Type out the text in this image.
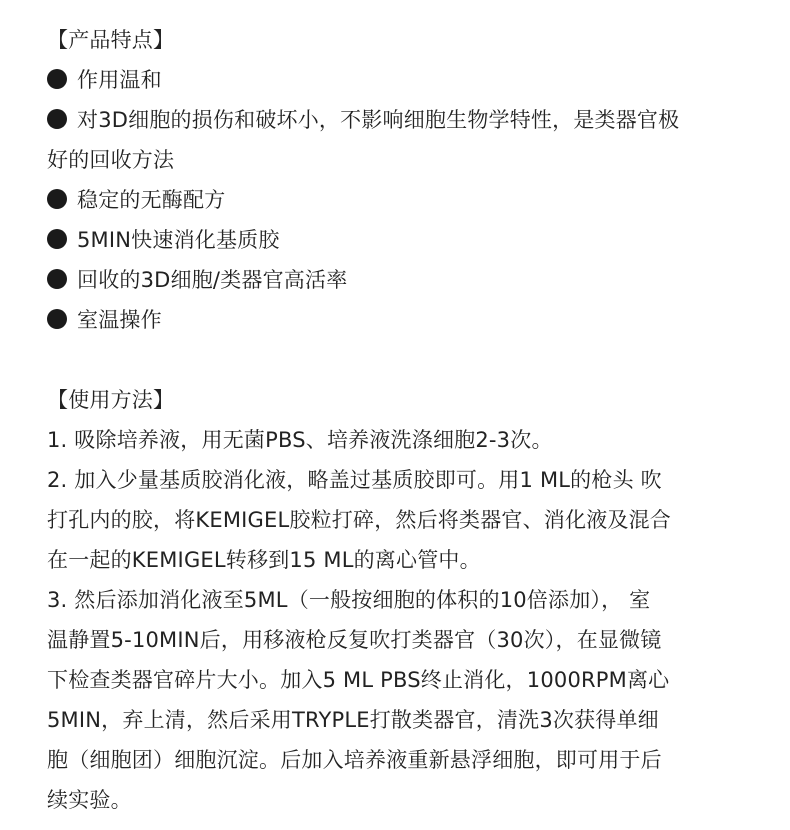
【产品特点】
作用温和
对3D细胞的损伤和破坏小，不影响细胞生物学特性，是类器官极
好的回收方法
稳定的无酶配方
5MIN快速消化基质胶
回收的3D细胞/类器官高活率
室温操作
【使用方法】
1. 吸除培养液，用无菌PBS、培养液洗涤细胞2-3次。
2. 加入少量基质胶消化液，略盖过基质胶即可。用1 ML的枪头 吹
打孔内的胶，将KEMIGEL胶粒打碎，然后将类器官、消化液及混合
在一起的KEMIGEL转移到15 ML的离心管中。
3. 然后添加消化液至5ML（一般按细胞的体积的10倍添加）， 室
温静置5-10MIN后，用移液枪反复吹打类器官（30次），在显微镜
下检查类器官碎片大小。加入5 ML PBS终止消化，1000RPM离心
5MIN，弃上清，然后采用TRYPLE打散类器官，清洗3次获得单细
胞（细胞团）细胞沉淀。后加入培养液重新悬浮细胞，即可用于后
续实验。
